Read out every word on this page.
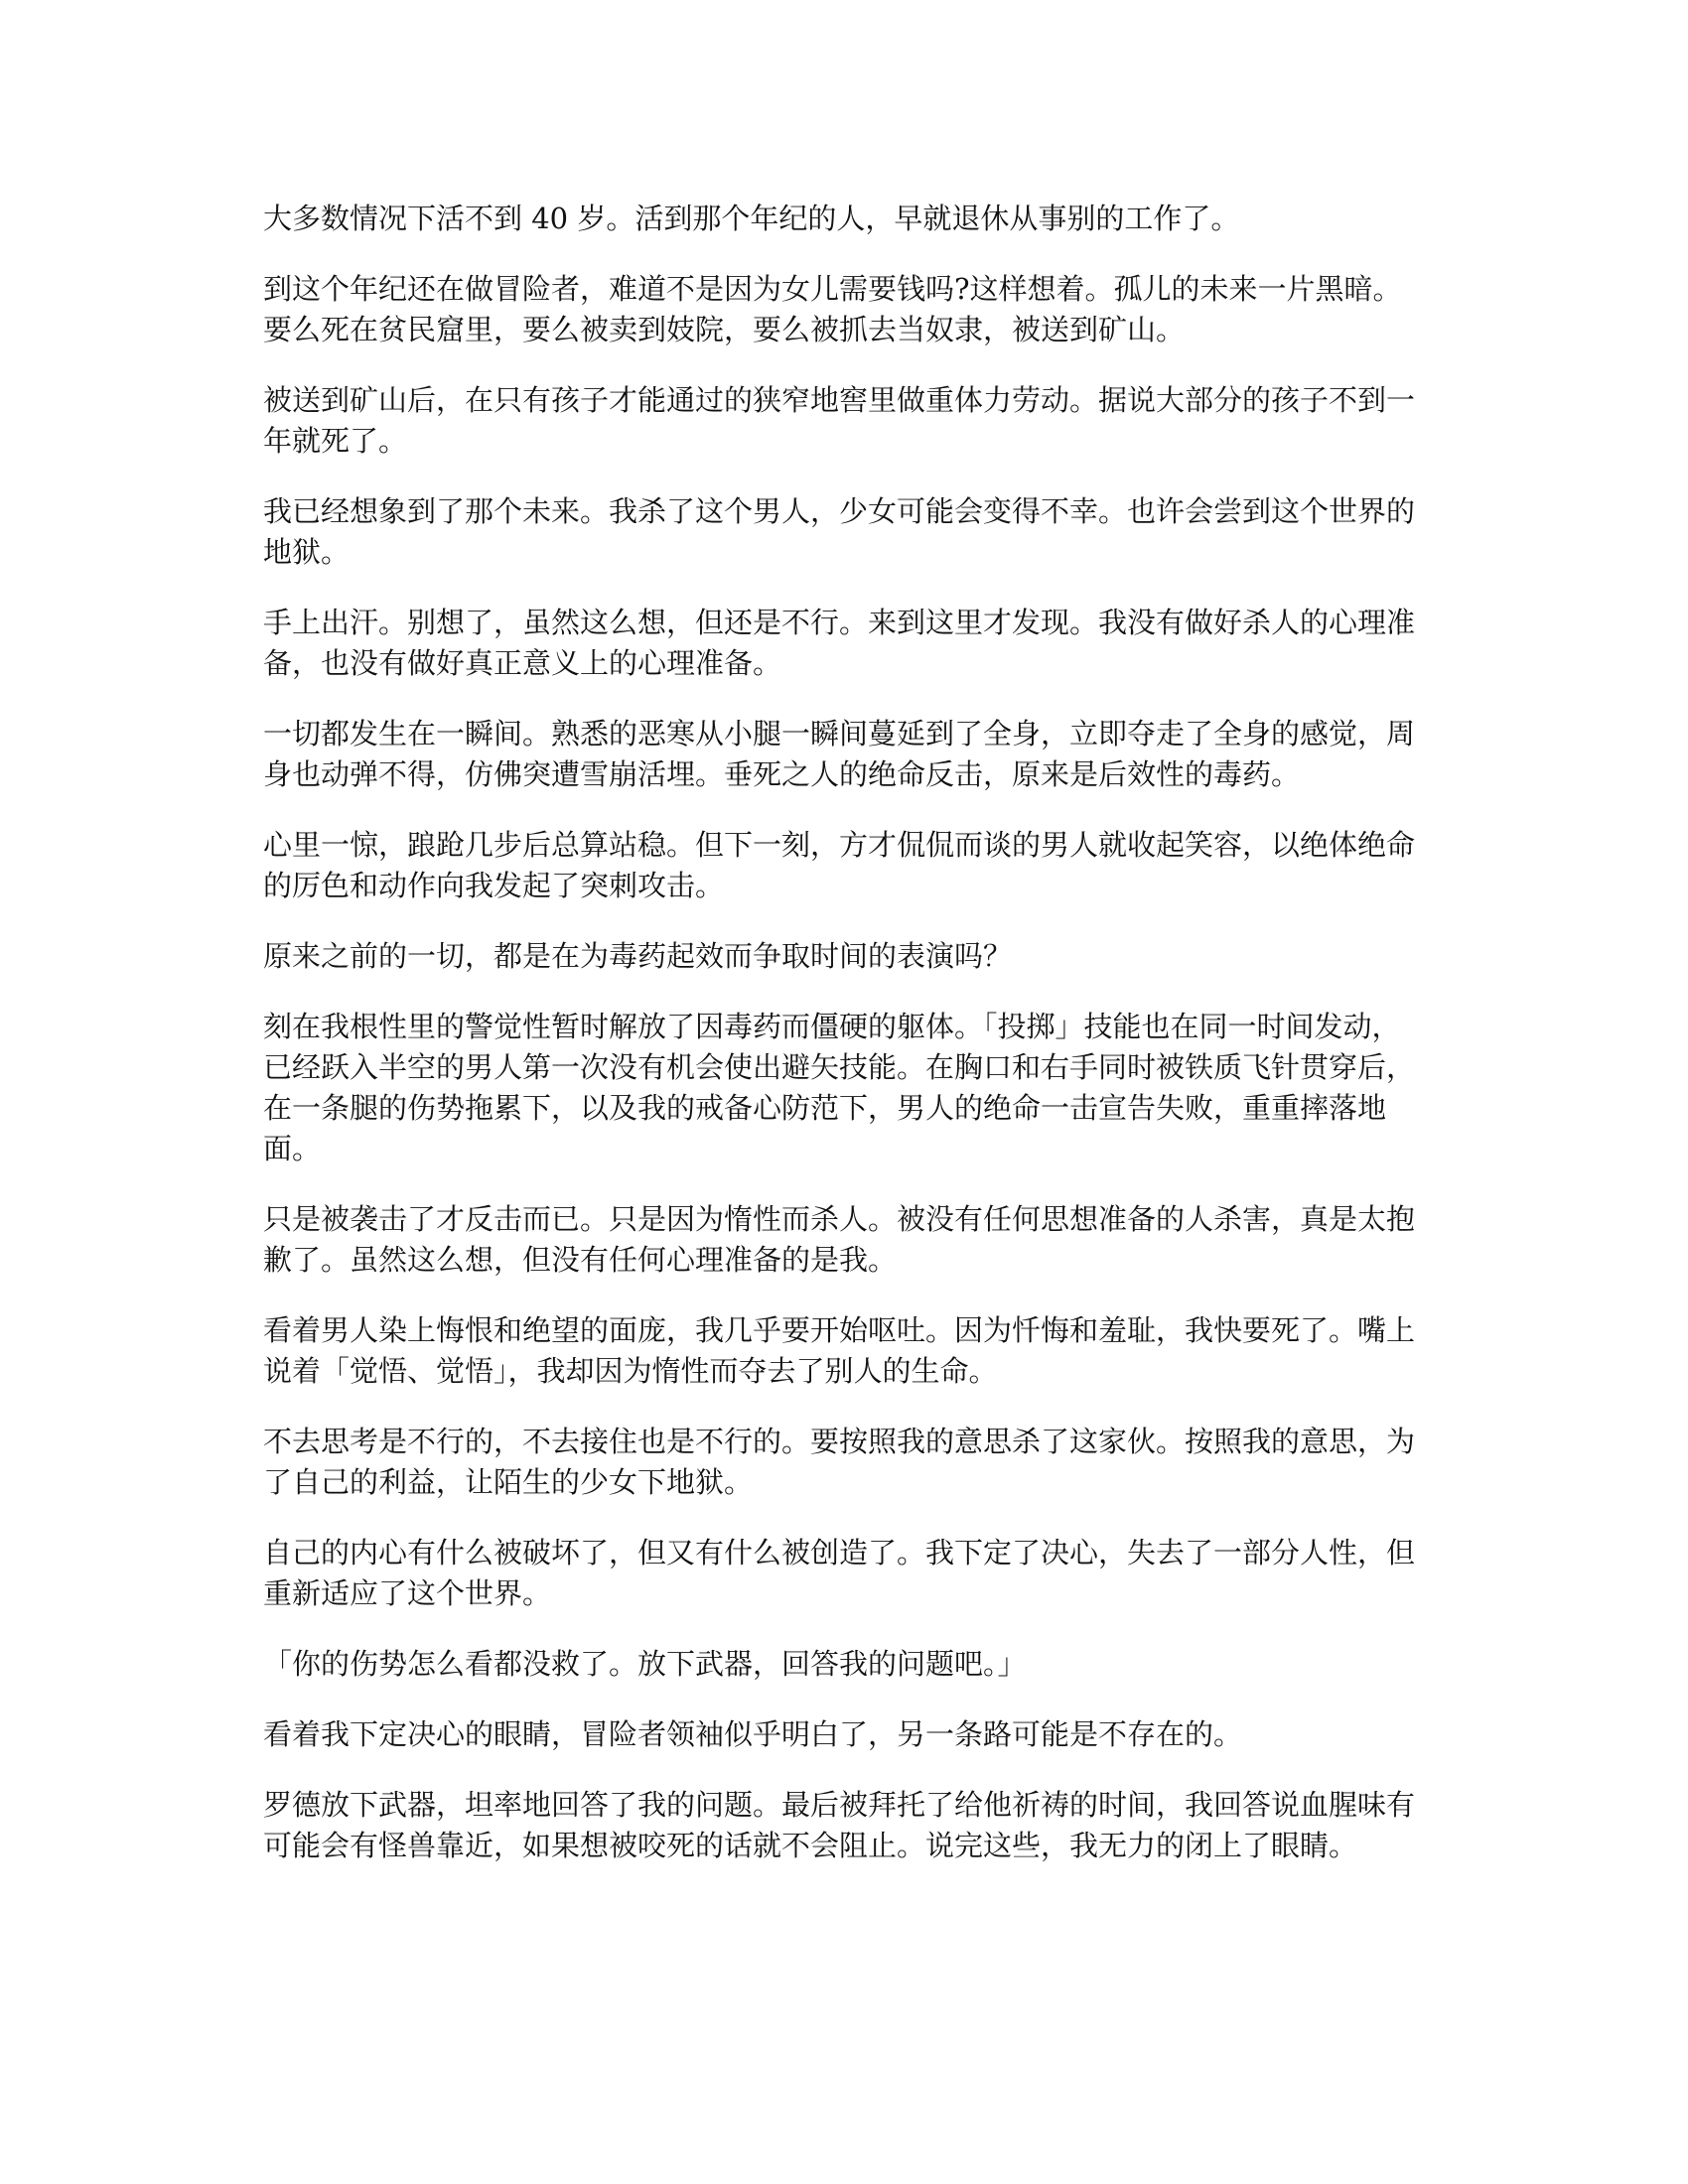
大多数情况下活不到 40 岁。活到那个年纪的人，早就退休从事别的工作了。

到这个年纪还在做冒险者，难道不是因为女儿需要钱吗?这样想着。孤儿的未来一片黑暗。要么死在贫民窟里，要么被卖到妓院，要么被抓去当奴隶，被送到矿山。

被送到矿山后，在只有孩子才能通过的狭窄地窖里做重体力劳动。据说大部分的孩子不到一年就死了。

我已经想象到了那个未来。我杀了这个男人，少女可能会变得不幸。也许会尝到这个世界的地狱。

手上出汗。别想了，虽然这么想，但还是不行。来到这里才发现。我没有做好杀人的心理准备，也没有做好真正意义上的心理准备。

一切都发生在一瞬间。熟悉的恶寒从小腿一瞬间蔓延到了全身，立即夺走了全身的感觉，周身也动弹不得，仿佛突遭雪崩活埋。垂死之人的绝命反击，原来是后效性的毒药。

心里一惊，踉跄几步后总算站稳。但下一刻，方才侃侃而谈的男人就收起笑容，以绝体绝命的厉色和动作向我发起了突刺攻击。

原来之前的一切，都是在为毒药起效而争取时间的表演吗？

刻在我根性里的警觉性暂时解放了因毒药而僵硬的躯体。「投掷」技能也在同一时间发动，已经跃入半空的男人第一次没有机会使出避矢技能。在胸口和右手同时被铁质飞针贯穿后，在一条腿的伤势拖累下，以及我的戒备心防范下，男人的绝命一击宣告失败，重重摔落地面。

只是被袭击了才反击而已。只是因为惰性而杀人。被没有任何思想准备的人杀害，真是太抱歉了。虽然这么想，但没有任何心理准备的是我。

看着男人染上悔恨和绝望的面庞，我几乎要开始呕吐。因为忏悔和羞耻，我快要死了。嘴上说着「觉悟、觉悟」，我却因为惰性而夺去了别人的生命。

不去思考是不行的，不去接住也是不行的。要按照我的意思杀了这家伙。按照我的意思，为了自己的利益，让陌生的少女下地狱。

自己的内心有什么被破坏了，但又有什么被创造了。我下定了决心，失去了一部分人性，但重新适应了这个世界。

「你的伤势怎么看都没救了。放下武器，回答我的问题吧。」

看着我下定决心的眼睛，冒险者领袖似乎明白了，另一条路可能是不存在的。

罗德放下武器，坦率地回答了我的问题。最后被拜托了给他祈祷的时间，我回答说血腥味有可能会有怪兽靠近，如果想被咬死的话就不会阻止。说完这些，我无力的闭上了眼睛。
